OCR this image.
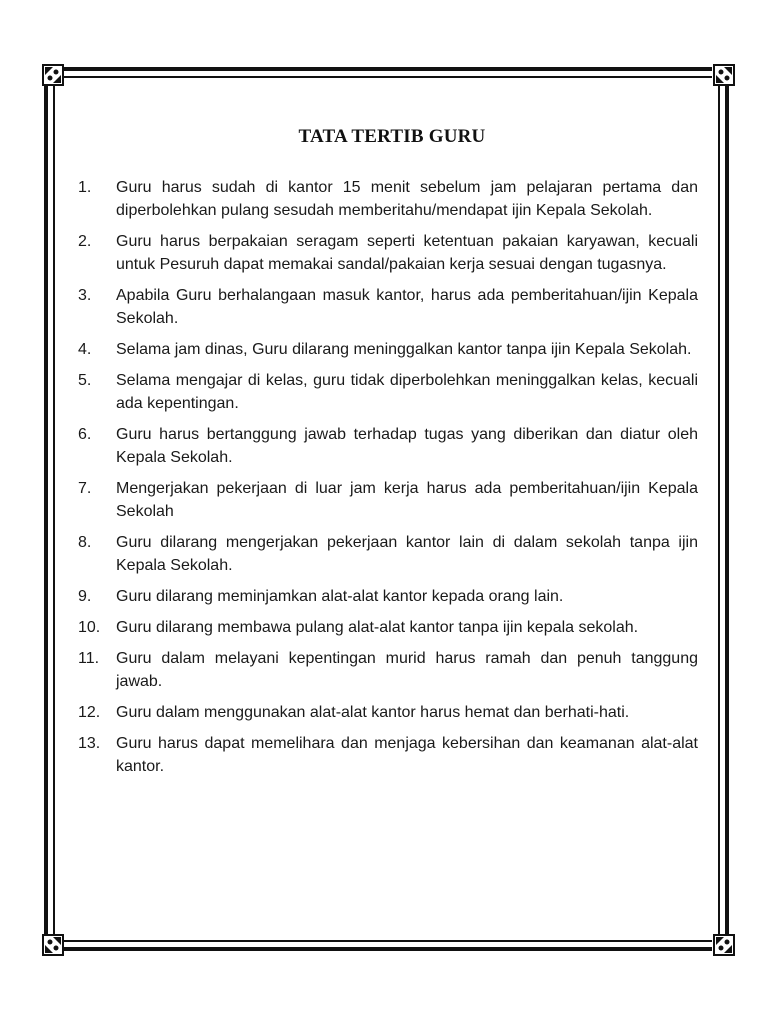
TATA TERTIB GURU
1.	Guru harus sudah di kantor 15 menit sebelum jam pelajaran pertama dan diperbolehkan pulang sesudah memberitahu/mendapat ijin Kepala Sekolah.
2.	Guru harus berpakaian seragam seperti ketentuan pakaian karyawan, kecuali untuk Pesuruh dapat memakai sandal/pakaian kerja sesuai dengan tugasnya.
3.	Apabila Guru berhalangaan masuk kantor, harus ada pemberitahuan/ijin Kepala Sekolah.
4.	Selama jam dinas, Guru dilarang meninggalkan kantor tanpa ijin Kepala Sekolah.
5.	Selama mengajar di kelas, guru tidak diperbolehkan meninggalkan kelas, kecuali ada kepentingan.
6.	Guru harus bertanggung jawab terhadap tugas yang diberikan dan diatur oleh Kepala Sekolah.
7.	Mengerjakan pekerjaan di luar jam kerja harus ada pemberitahuan/ijin Kepala Sekolah
8.	Guru dilarang mengerjakan pekerjaan kantor lain di dalam sekolah tanpa ijin Kepala Sekolah.
9.	Guru dilarang meminjamkan alat-alat kantor kepada orang lain.
10. Guru dilarang membawa pulang alat-alat kantor tanpa ijin kepala sekolah.
11.	Guru dalam melayani kepentingan murid harus ramah dan penuh tanggung jawab.
12. Guru dalam menggunakan alat-alat kantor harus hemat dan berhati-hati.
13. Guru harus dapat memelihara dan menjaga kebersihan dan keamanan alat-alat kantor.
